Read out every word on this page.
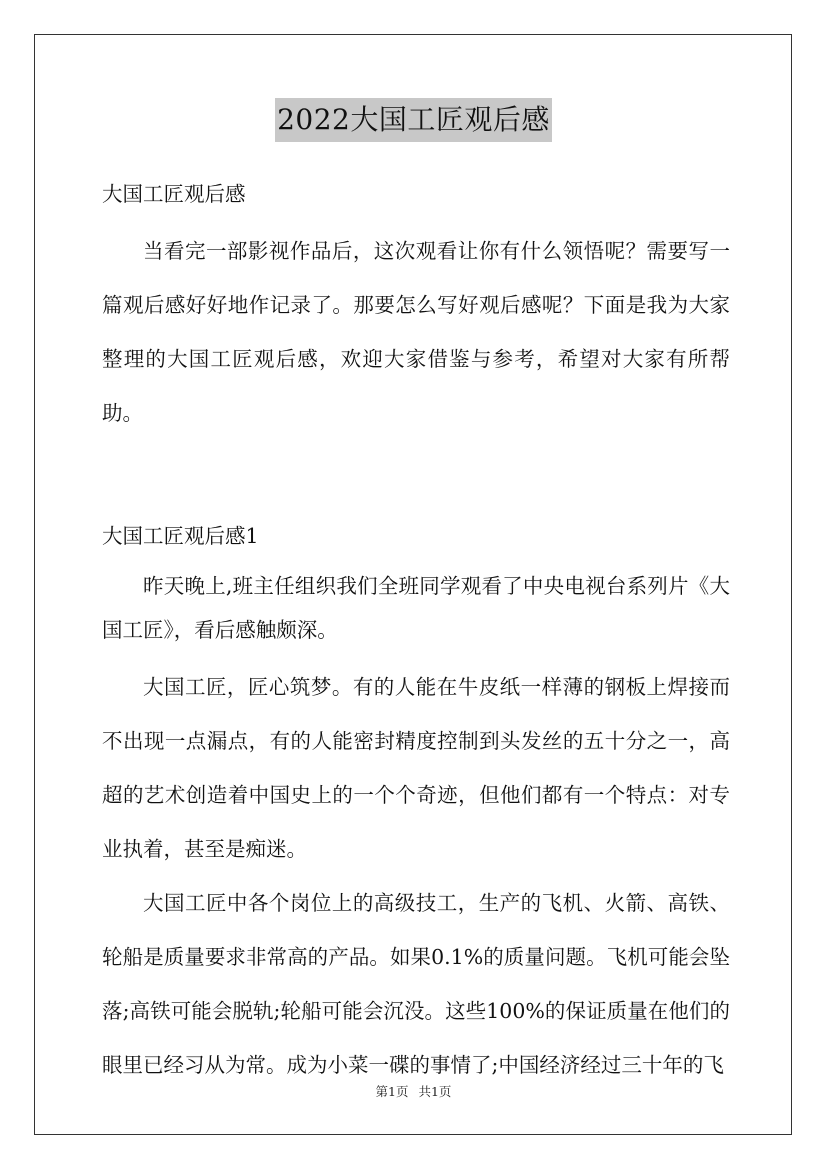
2022大国工匠观后感

大国工匠观后感

当看完一部影视作品后，这次观看让你有什么领悟呢？需要写一篇观后感好好地作记录了。那要怎么写好观后感呢？下面是我为大家整理的大国工匠观后感，欢迎大家借鉴与参考，希望对大家有所帮助。

大国工匠观后感1

昨天晚上,班主任组织我们全班同学观看了中央电视台系列片《大国工匠》，看后感触颇深。

大国工匠，匠心筑梦。有的人能在牛皮纸一样薄的钢板上焊接而不出现一点漏点，有的人能密封精度控制到头发丝的五十分之一，高超的艺术创造着中国史上的一个个奇迹，但他们都有一个特点：对专业执着，甚至是痴迷。

大国工匠中各个岗位上的高级技工，生产的飞机、火箭、高铁、轮船是质量要求非常高的产品。如果0.1%的质量问题。飞机可能会坠落;高铁可能会脱轨;轮船可能会沉没。这些100%的保证质量在他们的眼里已经习从为常。成为小菜一碟的事情了;中国经济经过三十年的飞

第1页 共1页
